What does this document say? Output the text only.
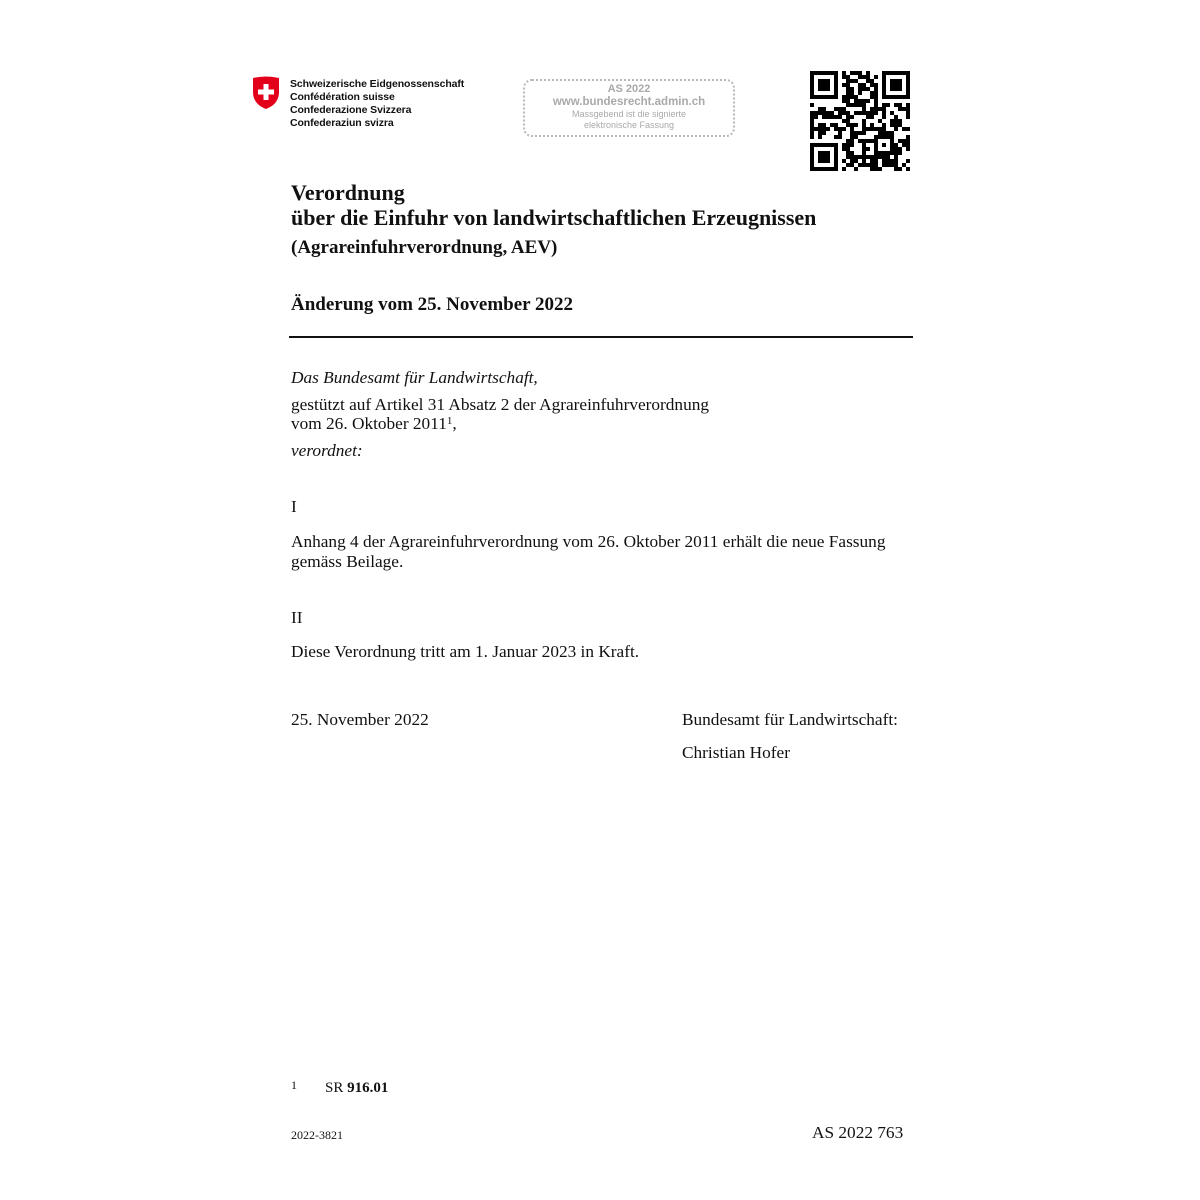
Schweizerische Eidgenossenschaft
Confédération suisse
Confederazione Svizzera
Confederaziun svizra
AS 2022
www.bundesrecht.admin.ch
Massgebend ist die signierte
elektronische Fassung
Verordnung
über die Einfuhr von landwirtschaftlichen Erzeugnissen
(Agrareinfuhrverordnung, AEV)
Änderung vom 25. November 2022
Das Bundesamt für Landwirtschaft,
gestützt auf Artikel 31 Absatz 2 der Agrareinfuhrverordnung
vom 26. Oktober 2011$^1$,
verordnet:
I
Anhang 4 der Agrareinfuhrverordnung vom 26. Oktober 2011 erhält die neue Fassung
gemäss Beilage.
II
Diese Verordnung tritt am 1. Januar 2023 in Kraft.
25. November 2022	Bundesamt für Landwirtschaft:
Christian Hofer
1 SR 916.01
2022-3821	AS 2022 763
